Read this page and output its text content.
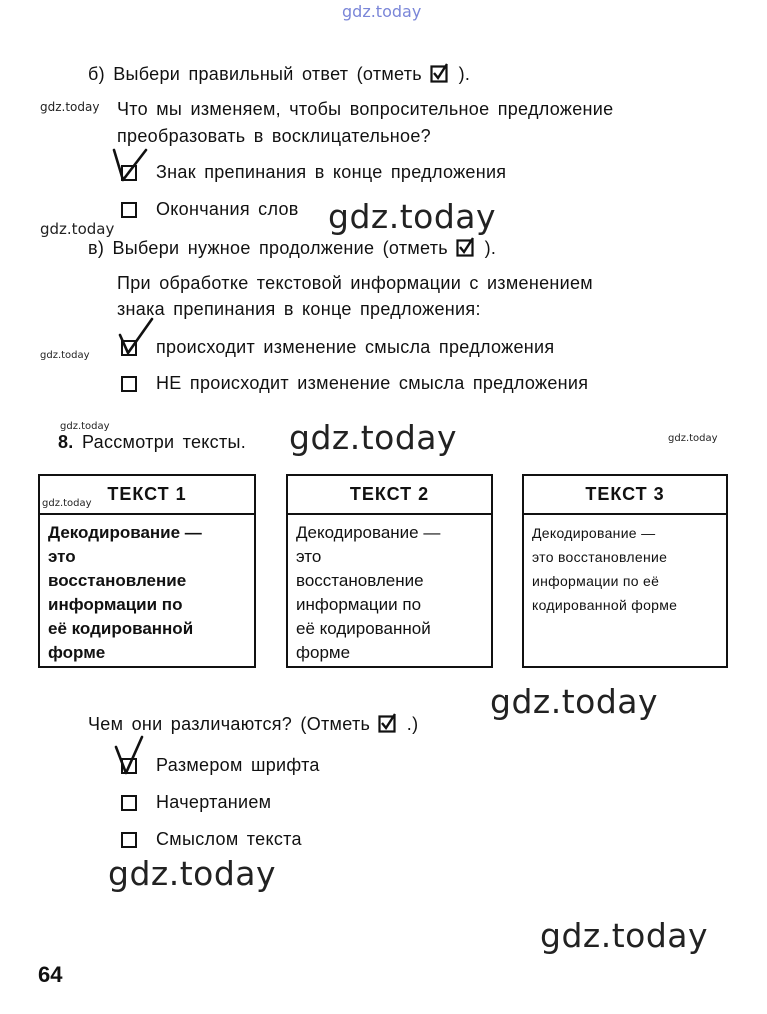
gdz.today
б) Выбери правильный ответ (отметь ).
gdz.today Что мы изменяем, чтобы вопросительное предложение
преобразовать в восклицательное?
Знак препинания в конце предложения
Окончания слов gdz.today
gdz.today
в) Выбери нужное продолжение (отметь ).
При обработке текстовой информации с изменением
знака препинания в конце предложения:
происходит изменение смысла предложения
gdz.today
НЕ происходит изменение смысла предложения
gdz.today
8. Рассмотри тексты.	gdz.today
gdz.today
ТЕКСТ 1
Декодирование —
это
восстановление
информации по
её кодированной
форме
gdz.today	ТЕКСТ 2
Декодирование —
это
восстановление
информации по
её кодированной
форме
ТЕКСТ 3
Декодирование —
это восстановление
информации по её
кодированной форме
gdz.today
Чем они различаются? (Отметь .)
Размером шрифта
Начертанием
Смыслом текста
gdz.today
gdz.today
64
